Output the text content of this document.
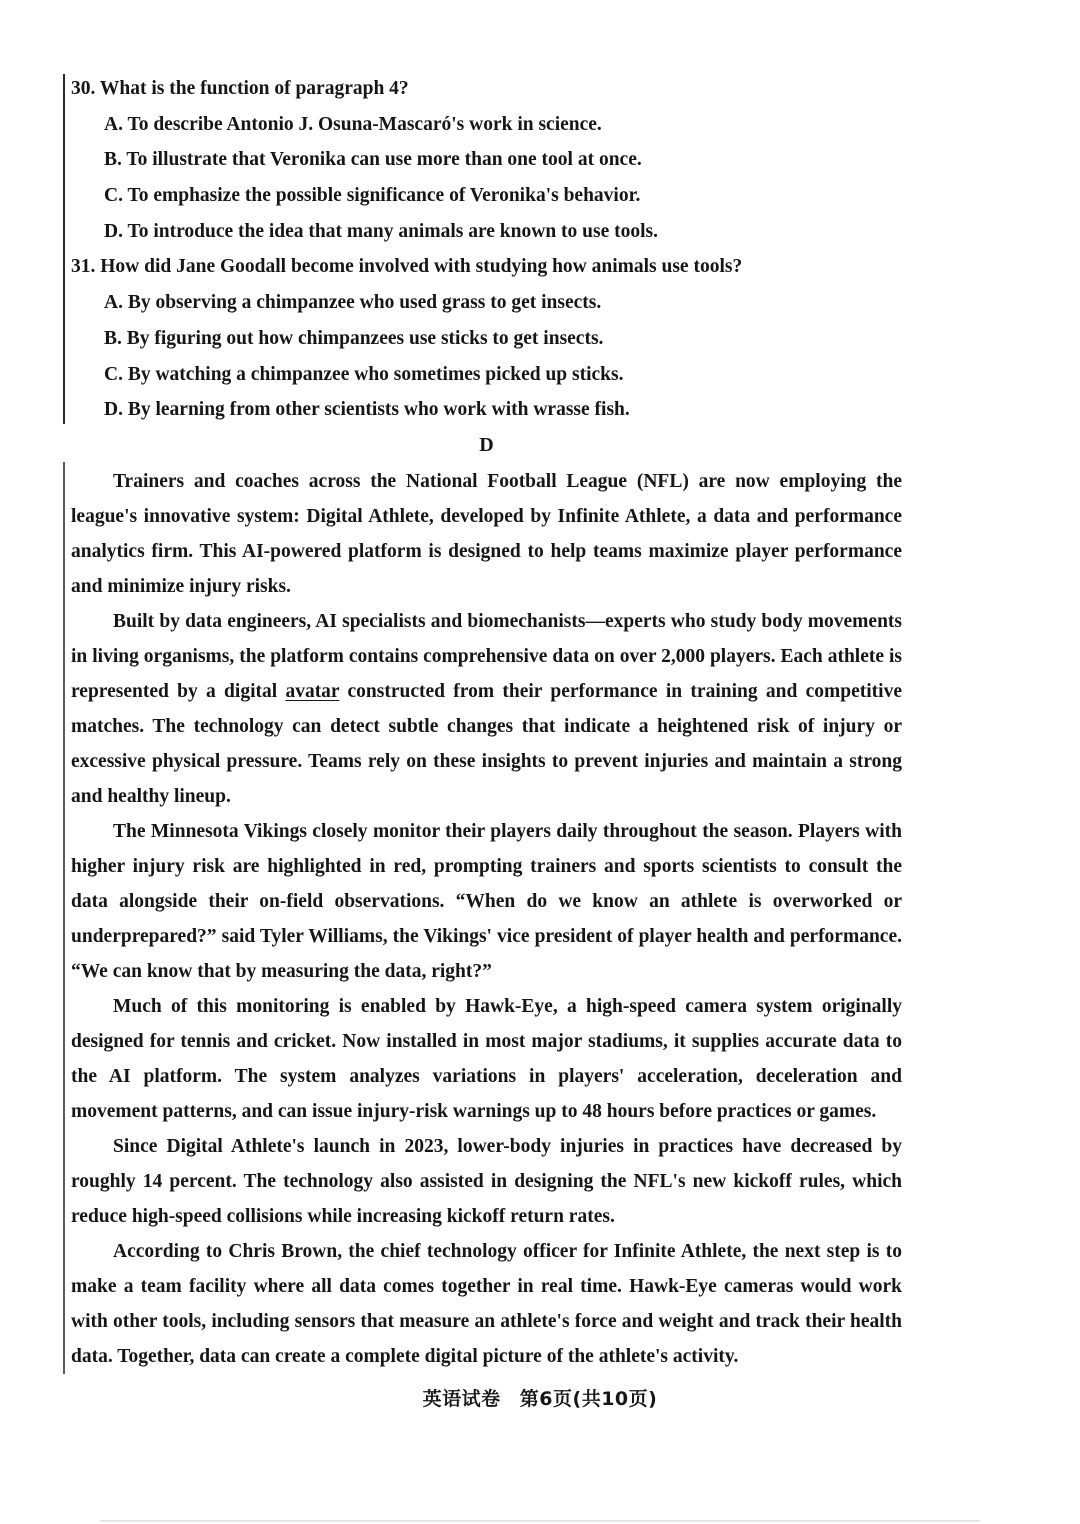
30. What is the function of paragraph 4?
A. To describe Antonio J. Osuna-Mascaró's work in science.
B. To illustrate that Veronika can use more than one tool at once.
C. To emphasize the possible significance of Veronika's behavior.
D. To introduce the idea that many animals are known to use tools.
31. How did Jane Goodall become involved with studying how animals use tools?
A. By observing a chimpanzee who used grass to get insects.
B. By figuring out how chimpanzees use sticks to get insects.
C. By watching a chimpanzee who sometimes picked up sticks.
D. By learning from other scientists who work with wrasse fish.
D

Trainers and coaches across the National Football League (NFL) are now employing the league's innovative system: Digital Athlete, developed by Infinite Athlete, a data and performance analytics firm. This AI-powered platform is designed to help teams maximize player performance and minimize injury risks.

Built by data engineers, AI specialists and biomechanists—experts who study body movements in living organisms, the platform contains comprehensive data on over 2,000 players. Each athlete is represented by a digital avatar constructed from their performance in training and competitive matches. The technology can detect subtle changes that indicate a heightened risk of injury or excessive physical pressure. Teams rely on these insights to prevent injuries and maintain a strong and healthy lineup.

The Minnesota Vikings closely monitor their players daily throughout the season. Players with higher injury risk are highlighted in red, prompting trainers and sports scientists to consult the data alongside their on-field observations. “When do we know an athlete is overworked or underprepared?” said Tyler Williams, the Vikings' vice president of player health and performance. “We can know that by measuring the data, right?”

Much of this monitoring is enabled by Hawk-Eye, a high-speed camera system originally designed for tennis and cricket. Now installed in most major stadiums, it supplies accurate data to the AI platform. The system analyzes variations in players' acceleration, deceleration and movement patterns, and can issue injury-risk warnings up to 48 hours before practices or games.

Since Digital Athlete's launch in 2023, lower-body injuries in practices have decreased by roughly 14 percent. The technology also assisted in designing the NFL's new kickoff rules, which reduce high-speed collisions while increasing kickoff return rates.

According to Chris Brown, the chief technology officer for Infinite Athlete, the next step is to make a team facility where all data comes together in real time. Hawk-Eye cameras would work with other tools, including sensors that measure an athlete's force and weight and track their health data. Together, data can create a complete digital picture of the athlete's activity.

英语试卷 第6页(共10页)
